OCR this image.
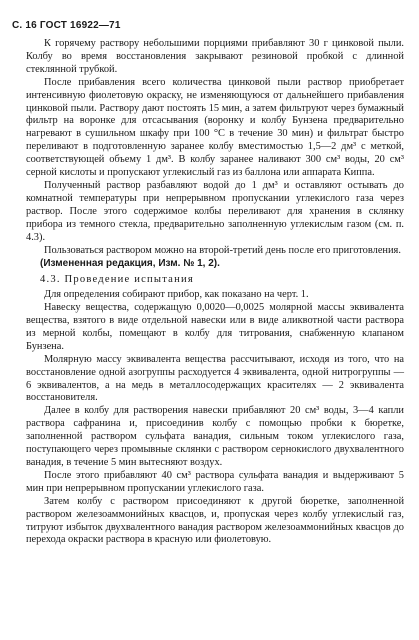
С. 16 ГОСТ 16922—71

К горячему раствору небольшими порциями прибавляют 30 г цинковой пыли. Колбу во время восстановления закрывают резиновой пробкой с длинной стеклянной трубкой.

После прибавления всего количества цинковой пыли раствор приобретает интенсивную фиолетовую окраску, не изменяющуюся от дальнейшего прибавления цинковой пыли. Раствору дают постоять 15 мин, а затем фильтруют через бумажный фильтр на воронке для отсасывания (воронку и колбу Бунзена предварительно нагревают в сушильном шкафу при 100 °С в течение 30 мин) и фильтрат быстро переливают в подготовленную заранее колбу вместимостью 1,5—2 дм³ с меткой, соответствующей объему 1 дм³. В колбу заранее наливают 300 см³ воды, 20 см³ серной кислоты и пропускают углекислый газ из баллона или аппарата Киппа.

Полученный раствор разбавляют водой до 1 дм³ и оставляют остывать до комнатной температуры при непрерывном пропускании углекислого газа через раствор. После этого содержимое колбы переливают для хранения в склянку прибора из темного стекла, предварительно заполненную углекислым газом (см. п. 4.3).

Пользоваться раствором можно на второй-третий день после его приготовления.

(Измененная редакция, Изм. № 1, 2).

4.3. Проведение испытания

Для определения собирают прибор, как показано на черт. 1.

Навеску вещества, содержащую 0,0020—0,0025 молярной массы эквивалента вещества, взятого в виде отдельной навески или в виде аликвотной части раствора из мерной колбы, помещают в колбу для титрования, снабженную клапаном Бунзена.

Молярную массу эквивалента вещества рассчитывают, исходя из того, что на восстановление одной азогруппы расходуется 4 эквивалента, одной нитрогруппы — 6 эквивалентов, а на медь в металлосодержащих красителях — 2 эквивалента восстановителя.

Далее в колбу для растворения навески прибавляют 20 см³ воды, 3—4 капли раствора сафранина и, присоединив колбу с помощью пробки к бюретке, заполненной раствором сульфата ванадия, сильным током углекислого газа, поступающего через промывные склянки с раствором сернокислого двухвалентного ванадия, в течение 5 мин вытесняют воздух.

После этого прибавляют 40 см³ раствора сульфата ванадия и выдерживают 5 мин при непрерывном пропускании углекислого газа.

Затем колбу с раствором присоединяют к другой бюретке, заполненной раствором железоаммонийных квасцов, и, пропуская через колбу углекислый газ, титруют избыток двухвалентного ванадия раствором железоаммонийных квасцов до перехода окраски раствора в красную или фиолетовую.
